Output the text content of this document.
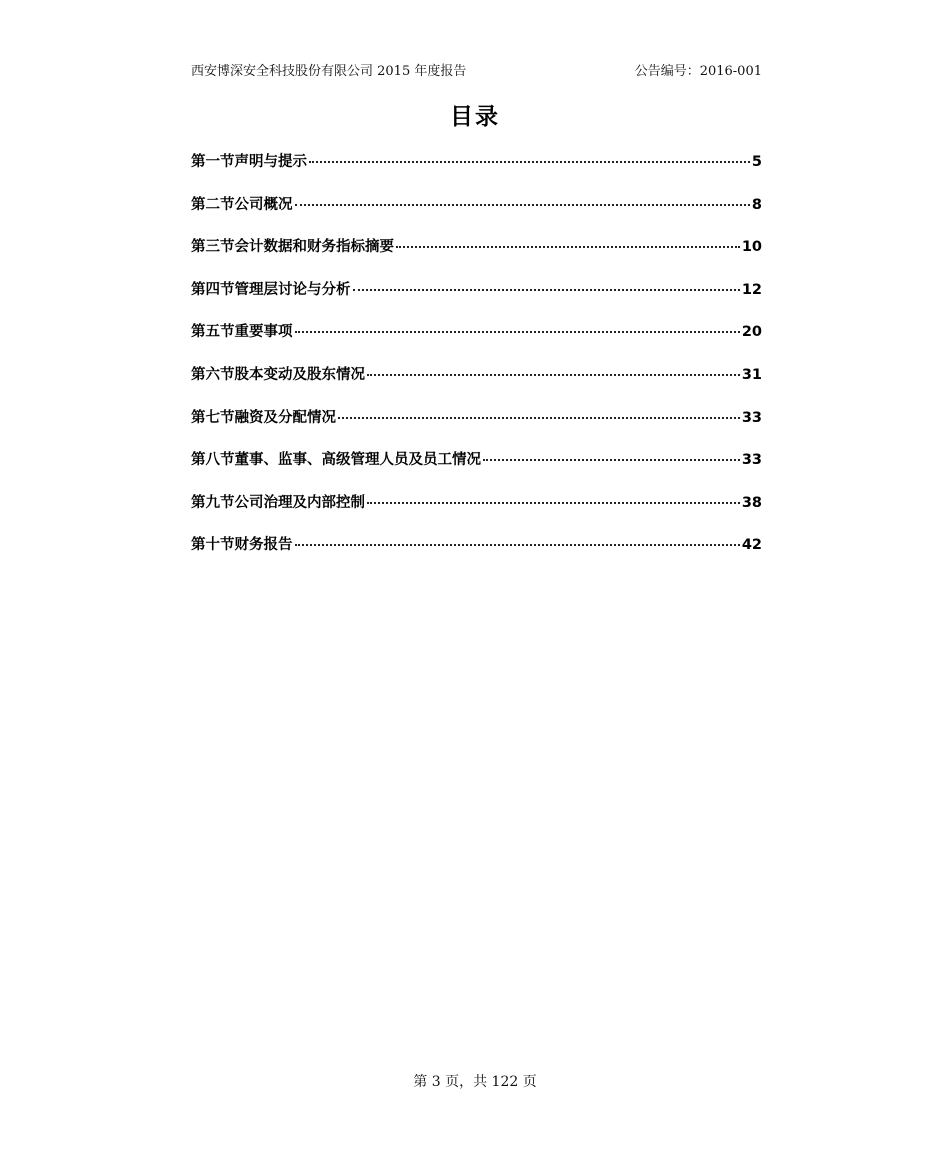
西安博深安全科技股份有限公司 2015 年度报告	公告编号：2016-001
目录
第一节声明与提示	5
第二节公司概况	8
第三节会计数据和财务指标摘要	10
第四节管理层讨论与分析	12
第五节重要事项	20
第六节股本变动及股东情况	31
第七节融资及分配情况	33
第八节董事、监事、高级管理人员及员工情况	33
第九节公司治理及内部控制	38
第十节财务报告	42
第 3 页，共 122 页
